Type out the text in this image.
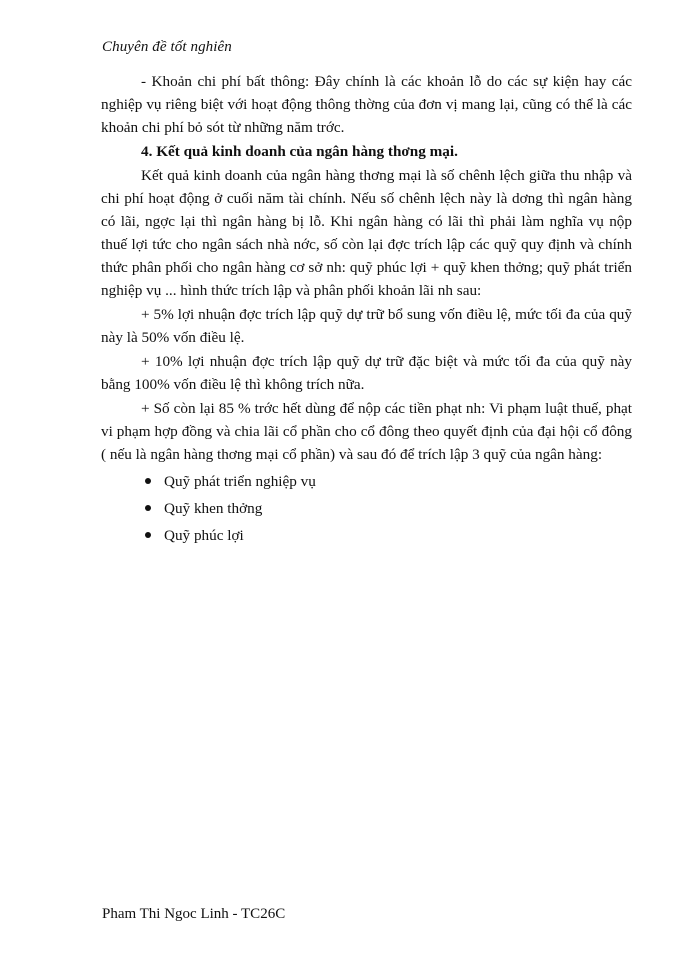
Chuyên đề tốt nghiên

- Khoản chi phí bất thông: Đây chính là các khoản lỗ do các sự kiện hay các nghiệp vụ riêng biệt với hoạt động thông thờng của đơn vị mang lại, cũng có thể là các khoản chi phí bỏ sót từ những năm trớc.

4. Kết quả kinh doanh của ngân hàng thơng mại.

Kết quả kinh doanh của ngân hàng thơng mại là số chênh lệch giữa thu nhập và chi phí hoạt động ở cuối năm tài chính. Nếu số chênh lệch này là dơng thì ngân hàng có lãi, ngợc lại thì ngân hàng bị lỗ. Khi ngân hàng có lãi thì phải làm nghĩa vụ nộp thuế lợi tức cho ngân sách nhà nớc, số còn lại đợc trích lập các quỹ quy định và chính thức phân phối cho ngân hàng cơ sở nh: quỹ phúc lợi + quỹ khen thởng; quỹ phát triển nghiệp vụ ... hình thức trích lập và phân phối khoản lãi nh sau:

+ 5% lợi nhuận đợc trích lập quỹ dự trữ bổ sung vốn điều lệ, mức tối đa của quỹ này là 50% vốn điều lệ.

+ 10% lợi nhuận đợc trích lập quỹ dự trữ đặc biệt và mức tối đa của quỹ này bằng 100% vốn điều lệ thì không trích nữa.

+ Số còn lại 85 % trớc hết dùng để nộp các tiền phạt nh: Vi phạm luật thuế, phạt vi phạm hợp đồng và chia lãi cổ phần cho cổ đông theo quyết định của đại hội cổ đông ( nếu là ngân hàng thơng mại cổ phần) và sau đó để trích lập 3 quỹ của ngân hàng:

Quỹ phát triển nghiệp vụ
Quỹ khen thởng
Quỹ phúc lợi
Pham Thi Ngoc Linh - TC26C
